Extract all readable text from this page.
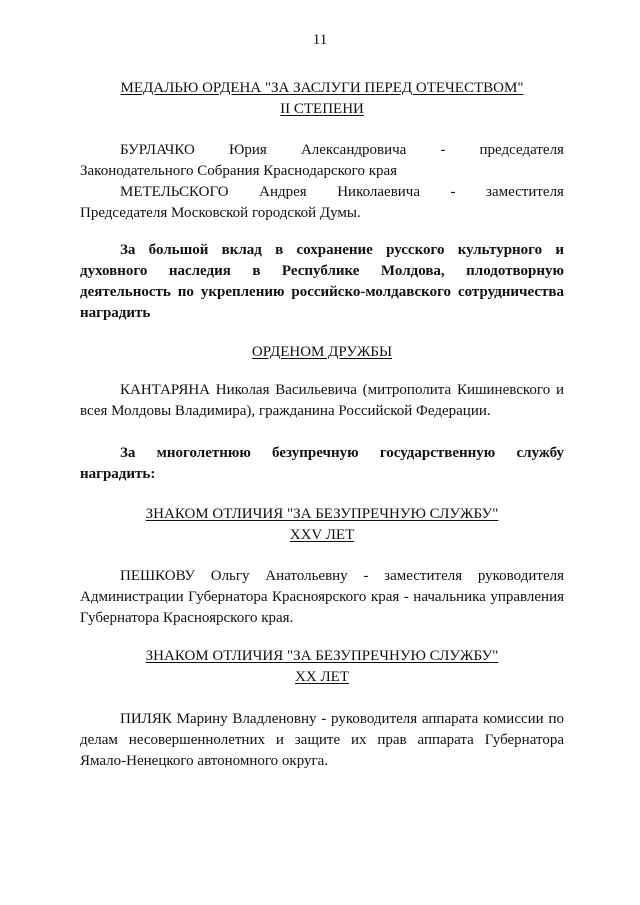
11
МЕДАЛЬЮ ОРДЕНА "ЗА ЗАСЛУГИ ПЕРЕД ОТЕЧЕСТВОМ"
II СТЕПЕНИ
БУРЛАЧКО Юрия Александровича - председателя
Законодательного Собрания Краснодарского края
МЕТЕЛЬСКОГО Андрея Николаевича - заместителя
Председателя Московской городской Думы.
За большой вклад в сохранение русского культурного и духовного наследия в Республике Молдова, плодотворную деятельность по укреплению российско-молдавского сотрудничества наградить
ОРДЕНОМ ДРУЖБЫ
КАНТАРЯНА Николая Васильевича (митрополита Кишиневского и всея Молдовы Владимира), гражданина Российской Федерации.
За многолетнюю безупречную государственную службу наградить:
ЗНАКОМ ОТЛИЧИЯ "ЗА БЕЗУПРЕЧНУЮ СЛУЖБУ"
XXV ЛЕТ
ПЕШКОВУ Ольгу Анатольевну - заместителя руководителя Администрации Губернатора Красноярского края - начальника управления Губернатора Красноярского края.
ЗНАКОМ ОТЛИЧИЯ "ЗА БЕЗУПРЕЧНУЮ СЛУЖБУ"
XX ЛЕТ
ПИЛЯК Марину Владленовну - руководителя аппарата комиссии по делам несовершеннолетних и защите их прав аппарата Губернатора Ямало-Ненецкого автономного округа.
